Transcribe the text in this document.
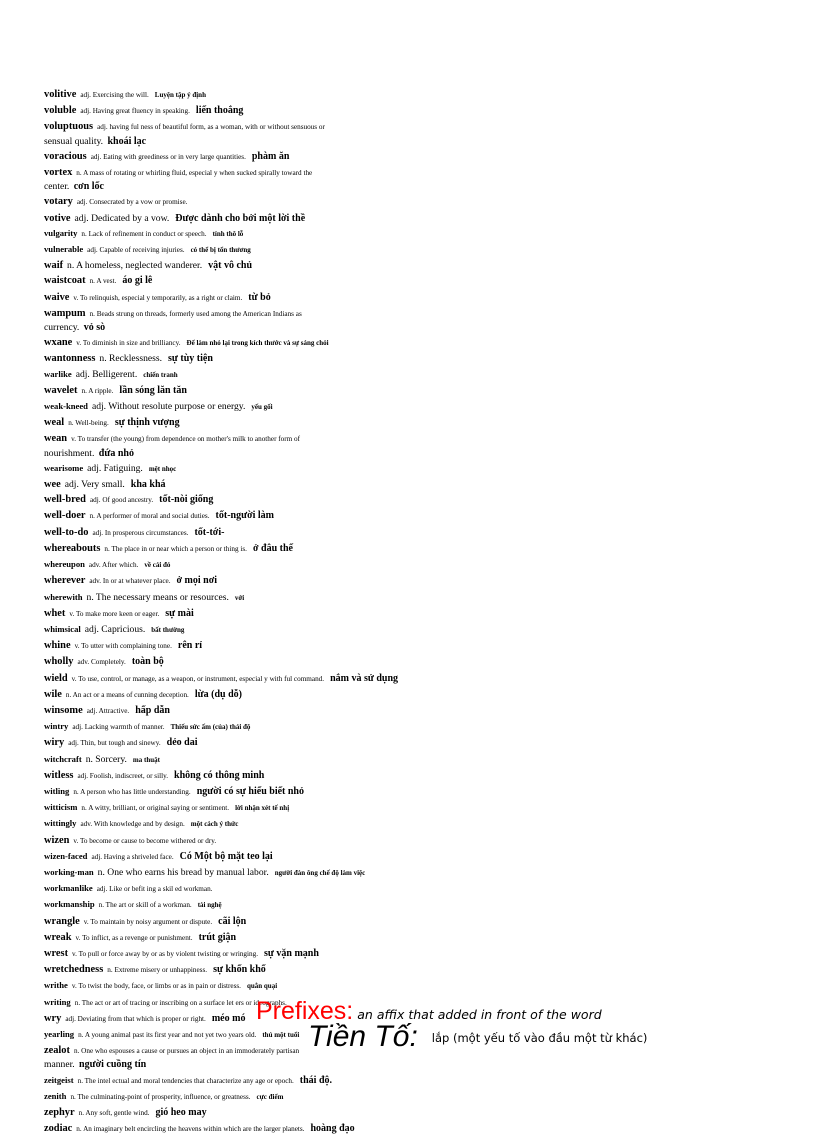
volitive adj. Exercising the will. Luyện tập ý định
voluble adj. Having great fluency in speaking. liến thoắng
voluptuous adj. having ful ness of beautiful form, as a woman, with or without sensuous or
sensual quality. khoái lạc
voracious adj. Eating with greediness or in very large quantities. phàm ăn
vortex n. A mass of rotating or whirling fluid, especial y when sucked spirally toward the
center. cơn lốc
votary adj. Consecrated by a vow or promise.
votive adj. Dedicated by a vow. Được dành cho bởi một lời thề
vulgarity n. Lack of refinement in conduct or speech. tính thô lỗ
vulnerable adj. Capable of receiving injuries. có thể bị tổn thương
waif n. A homeless, neglected wanderer. vật vô chủ
waistcoat n. A vest. áo gi lê
waive v. To relinquish, especial y temporarily, as a right or claim. từ bỏ
wampum n. Beads strung on threads, formerly used among the American Indians as
currency. vỏ sò
wxane v. To diminish in size and brilliancy. Để làm nhỏ lại trong kích thước và sự sáng chói
wantonness n. Recklessness. sự tùy tiện
warlike adj. Belligerent. chiến tranh
wavelet n. A ripple. lần sóng lăn tăn
weak-kneed adj. Without resolute purpose or energy. yếu gối
weal n. Well-being. sự thịnh vượng
wean v. To transfer (the young) from dependence on mother's milk to another form of
nourishment. đứa nhỏ
wearisome adj. Fatiguing. mệt nhọc
wee adj. Very small. kha khá
well-bred adj. Of good ancestry. tốt-nòi giống
well-doer n. A performer of moral and social duties. tốt-người làm
well-to-do adj. In prosperous circumstances. tốt-tới-
whereabouts n. The place in or near which a person or thing is. ở đâu thế
whereupon adv. After which. về cái đó
wherever adv. In or at whatever place. ở mọi nơi
wherewith n. The necessary means or resources. với
whet v. To make more keen or eager. sự mài
whimsical adj. Capricious. bất thường
whine v. To utter with complaining tone. rên rỉ
wholly adv. Completely. toàn bộ
wield v. To use, control, or manage, as a weapon, or instrument, especial y with ful command. nắm và sử dụng
wile n. An act or a means of cunning deception. lừa (dụ dỗ)
winsome adj. Attractive. hấp dẫn
wintry adj. Lacking warmth of manner. Thiếu sức ấm (của) thái độ
wiry adj. Thin, but tough and sinewy. dẻo dai
witchcraft n. Sorcery. ma thuật
witless adj. Foolish, indiscreet, or silly. không có thông minh
witling n. A person who has little understanding. người có sự hiểu biết nhỏ
witticism n. A witty, brilliant, or original saying or sentiment. lời nhận xét tế nhị
wittingly adv. With knowledge and by design. một cách ý thức
wizen v. To become or cause to become withered or dry.
wizen-faced adj. Having a shriveled face. Có Một bộ mặt teo lại
working-man n. One who earns his bread by manual labor. người đàn ông chế độ làm việc
workmanlike adj. Like or befit ing a skil ed workman.
workmanship n. The art or skill of a workman. tài nghệ
wrangle v. To maintain by noisy argument or dispute. cãi lộn
wreak v. To inflict, as a revenge or punishment. trút giận
wrest v. To pull or force away by or as by violent twisting or wringing. sự vặn mạnh
wretchedness n. Extreme misery or unhappiness. sự khốn khổ
writhe v. To twist the body, face, or limbs or as in pain or distress. quằn quại
writing n. The act or art of tracing or inscribing on a surface let ers or ideographs.
wry adj. Deviating from that which is proper or right. méo mó
yearling n. A young animal past its first year and not yet two years old. thú một tuổi
zealot n. One who espouses a cause or pursues an object in an immoderately partisan
manner. người cuồng tín
zeitgeist n. The intel ectual and moral tendencies that characterize any age or epoch. thái độ.
zenith n. The culminating-point of prosperity, influence, or greatness. cực điểm
zephyr n. Any soft, gentle wind. gió heo may
zodiac n. An imaginary belt encircling the heavens within which are the larger planets. hoàng đạo
Prefixes: an affix that added in front of the word
Tiền Tố: $^{lắp (một yếu tố vào đầu một từ khác)}$
